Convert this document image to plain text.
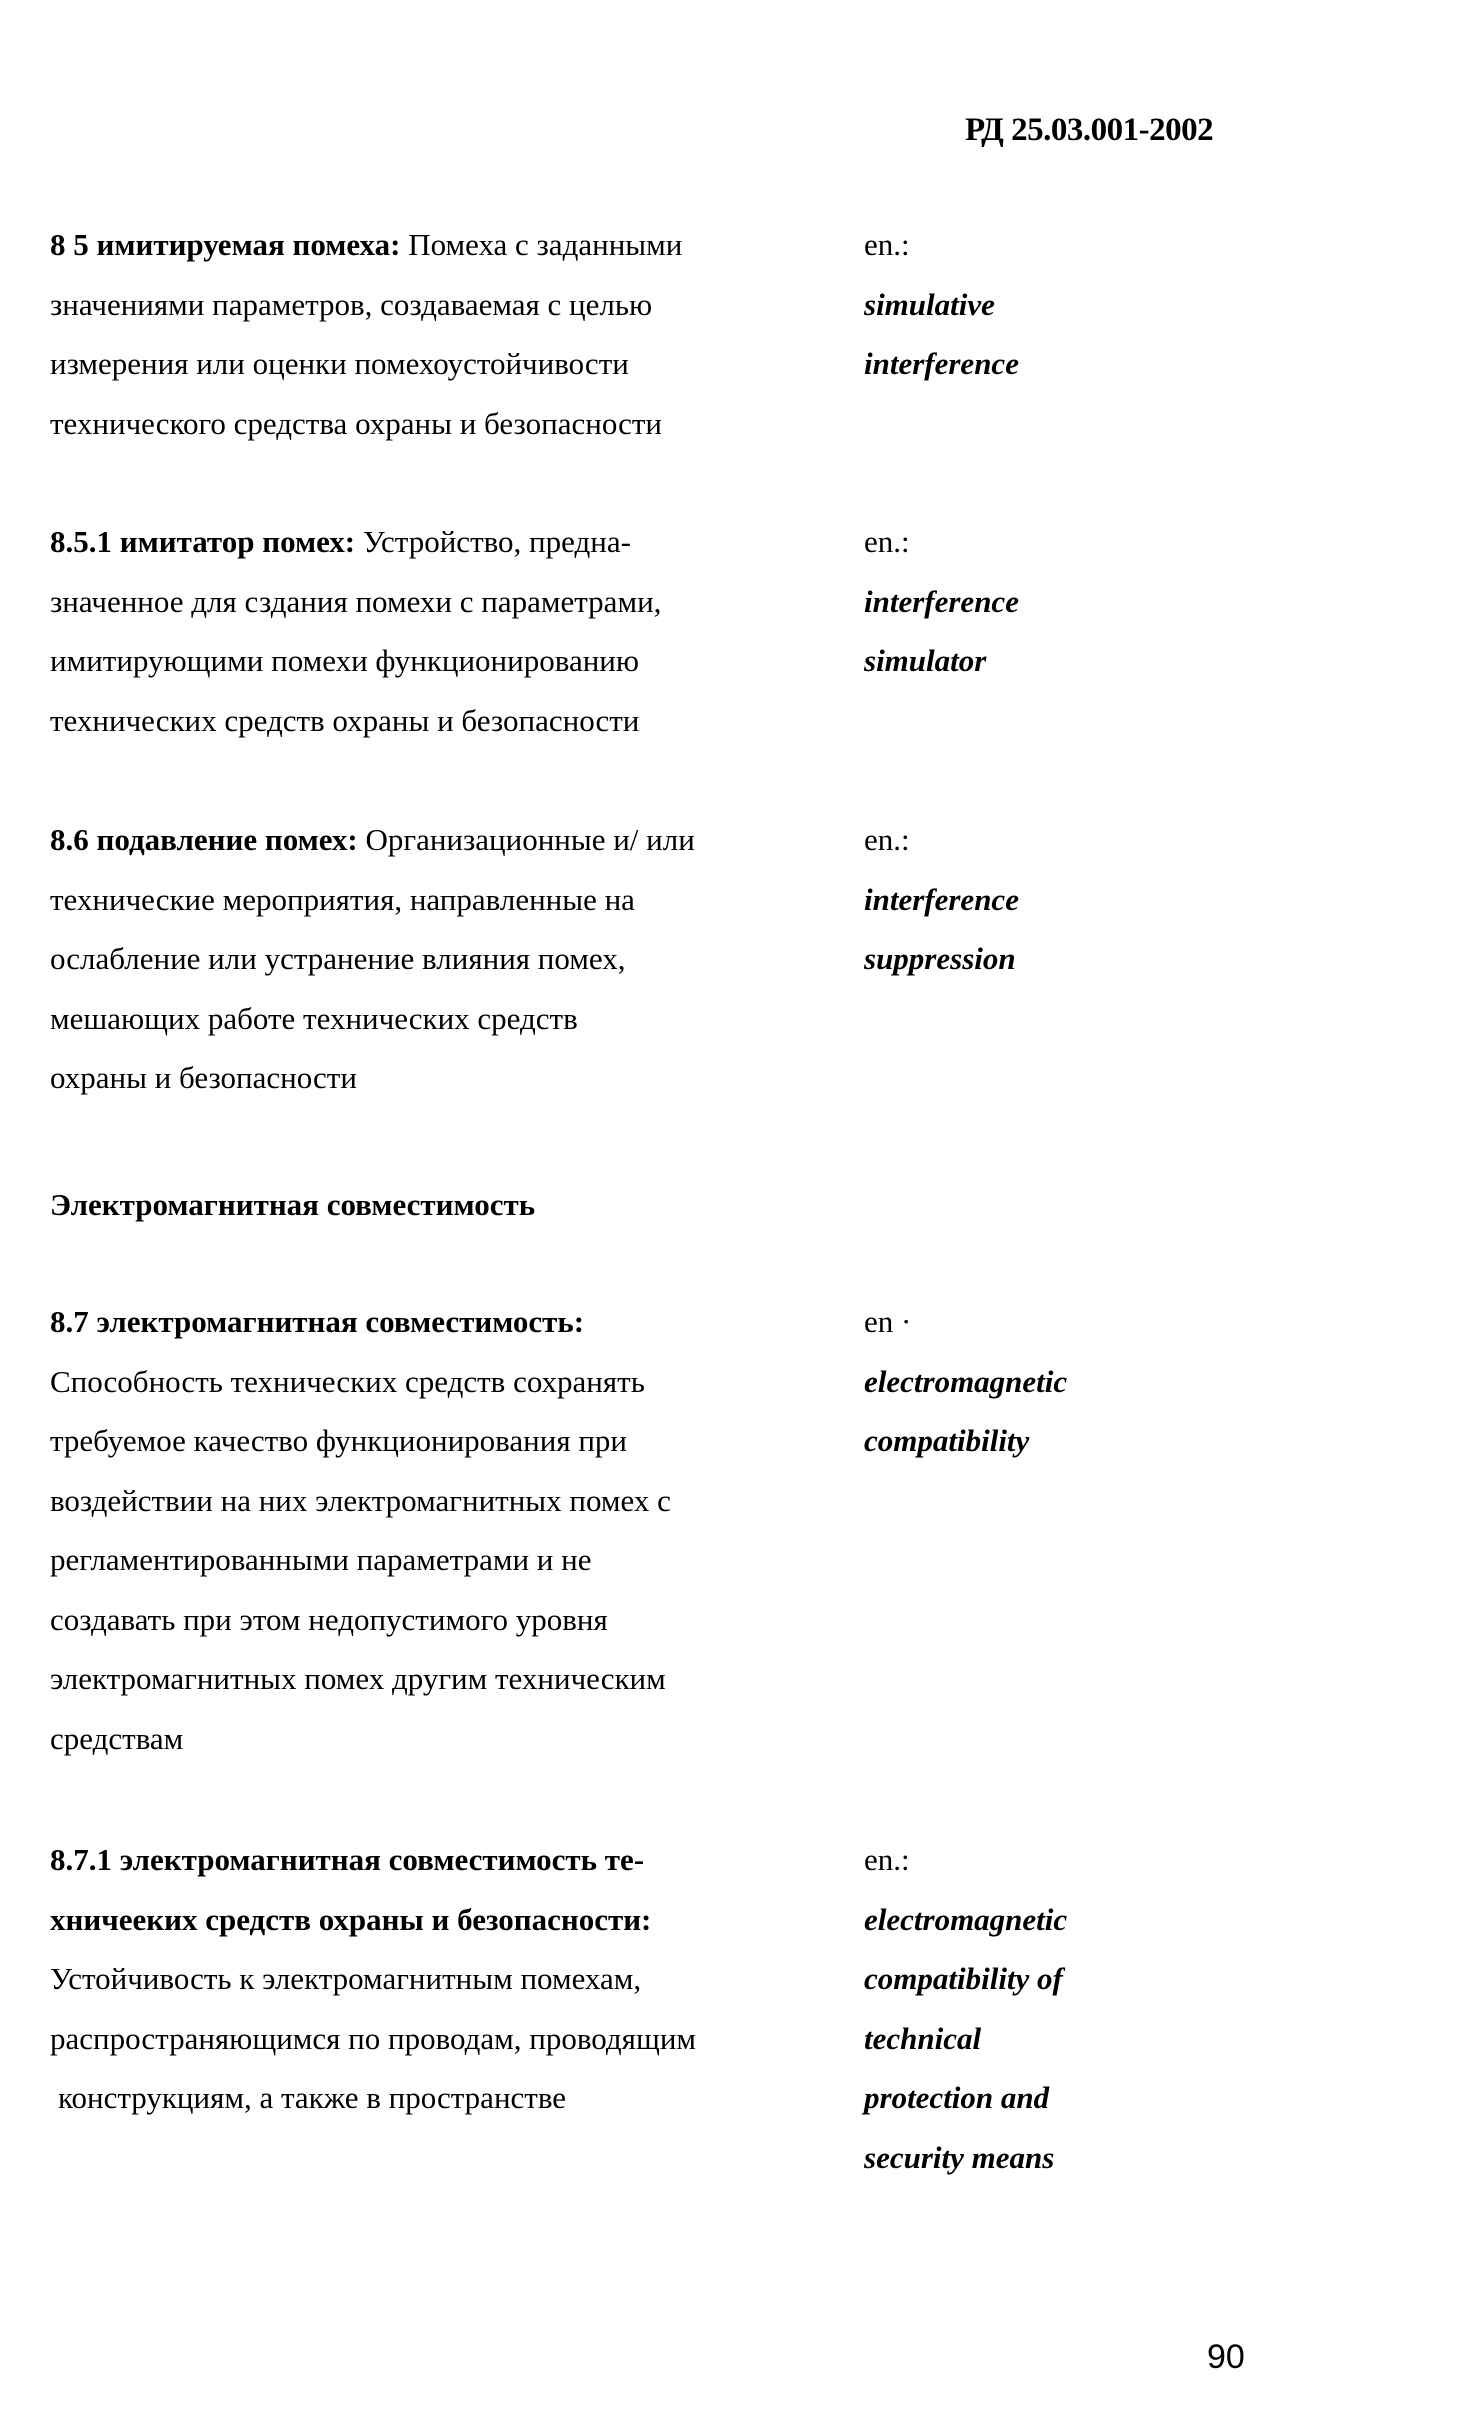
РД 25.03.001-2002
8 5 имитируемая помеха: Помеха с заданными
значениями параметров, создаваемая с целью
измерения или оценки помехоустойчивости
технического средства охраны и безопасности
en.:
simulative
interference
8.5.1 имитатор помех: Устройство, предна-
значенное для сздания помехи с параметрами,
имитирующими помехи функционированию
технических средств охраны и безопасности
en.:
interference
simulator
8.6 подавление помех: Организационные и/ или
технические мероприятия, направленные на
ослабление или устранение влияния помех,
мешающих работе технических средств
охраны и безопасности
en.:
interference
suppression
Электромагнитная совместимость
8.7 электромагнитная совместимость:
Способность технических средств сохранять
требуемое качество функционирования при
воздействии на них электромагнитных помех с
регламентированными параметрами и не
создавать при этом недопустимого уровня
электромагнитных помех другим техническим
средствам
en ·
electromagnetic
compatibility
8.7.1 электромагнитная совместимость те-
хничееких средств охраны и безопасности:
Устойчивость к электромагнитным помехам,
распространяющимся по проводам, проводящим
конструкциям, а также в пространстве
en.:
electromagnetic
compatibility of
technical
protection and
security means
90
